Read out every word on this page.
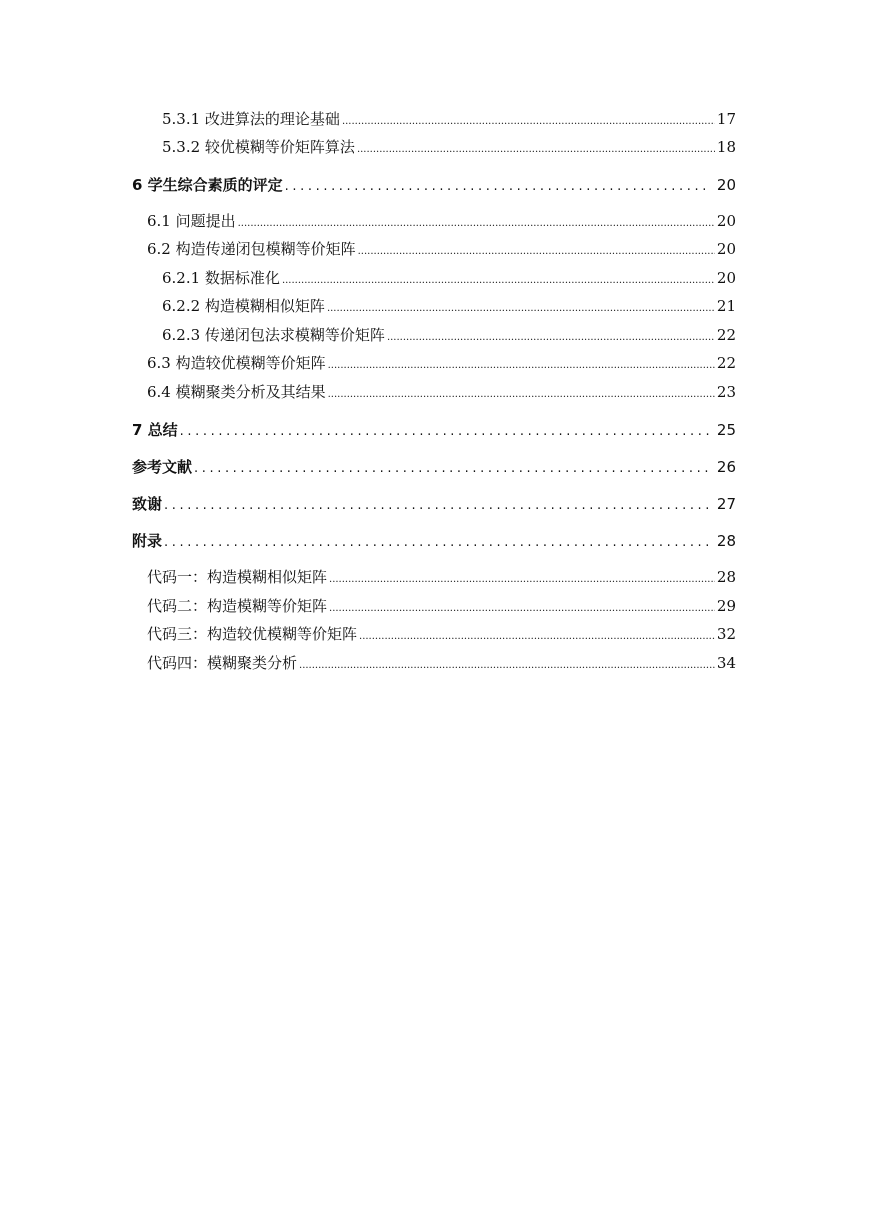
5.3.1 改进算法的理论基础 .....	17
5.3.2 较优模糊等价矩阵算法 .....	18
6 学生综合素质的评定 .....	20
6.1 问题提出 .....	20
6.2 构造传递闭包模糊等价矩阵 .....	20
6.2.1 数据标准化 .....	20
6.2.2 构造模糊相似矩阵 .....	21
6.2.3 传递闭包法求模糊等价矩阵 .....	22
6.3 构造较优模糊等价矩阵 .....	22
6.4 模糊聚类分析及其结果 .....	23
7 总结 .....	25
参考文献 .....	26
致谢 .....	27
附录 .....	28
代码一：构造模糊相似矩阵 .....	28
代码二：构造模糊等价矩阵 .....	29
代码三：构造较优模糊等价矩阵 .....	32
代码四：模糊聚类分析 .....	34
